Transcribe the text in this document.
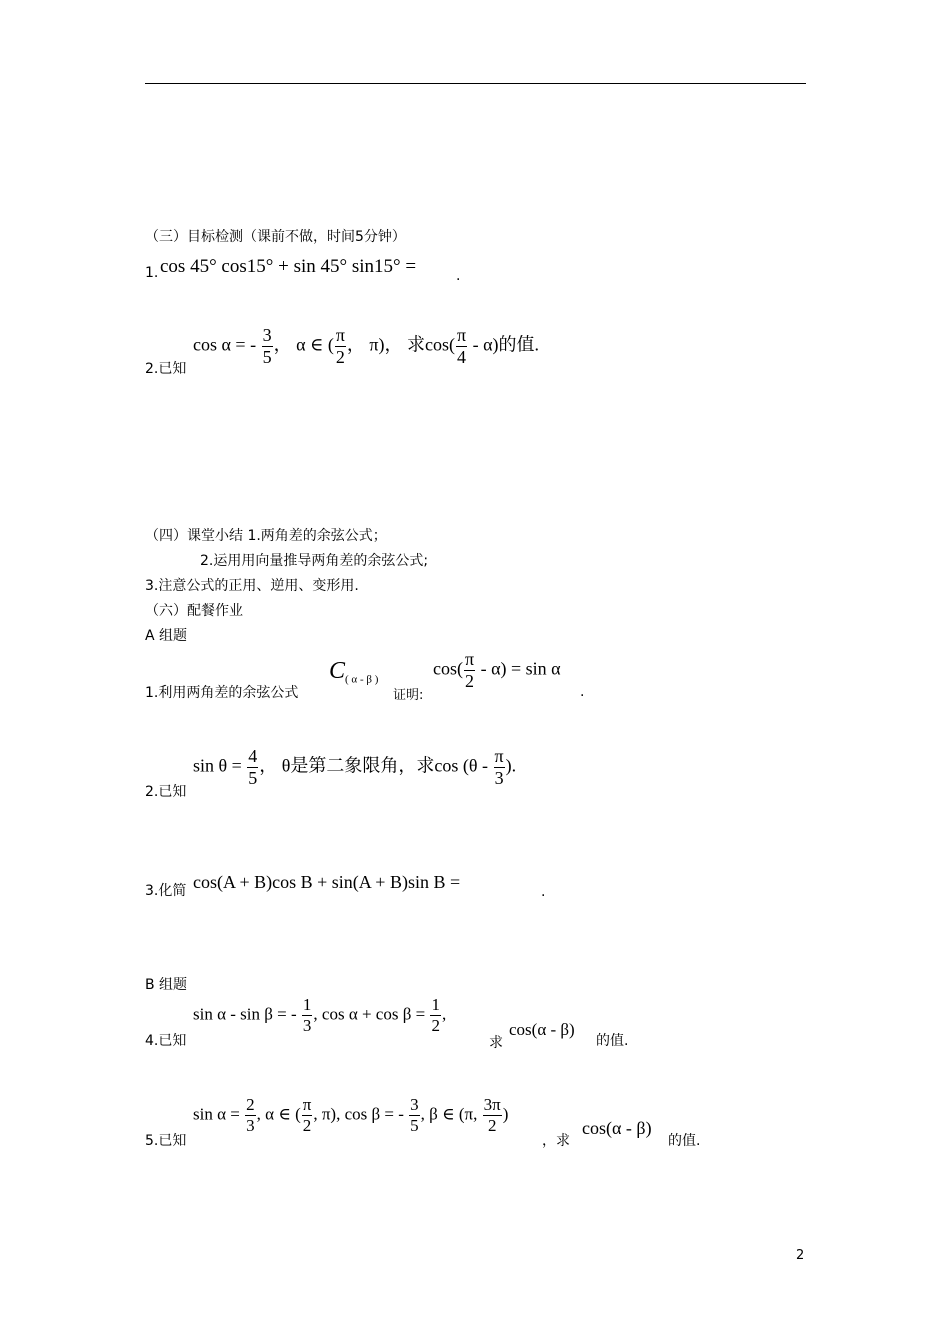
（三）目标检测（课前不做，时间5分钟）
1. cos 45° cos15° + sin 45° sin15° =	.
2.已知
cos α = - $\frac{3}{5}$ ， α ∈ ( $\frac{\pi}{2}$ ， π)， 求$\cos( \frac{\pi}{4} - \alpha)$的值.
（四）课堂小结 1.两角差的余弦公式；
2.运用用向量推导两角差的余弦公式;
3.注意公式的正用、逆用、变形用.
（六）配餐作业
A 组题
1.利用两角差的余弦公式
$C_{( \alpha - \beta )}$
证明:
$\cos( \frac{\pi}{2} - \alpha) = \sin \alpha$
.
2.已知
$\sin \theta = \frac{4}{5}$ ， θ是第二象限角，求$\cos (\theta - \frac{\pi}{3}$ ).
3.化简 cos(A + B)cos B + sin(A + B)sin B =	.
B 组题
4.已知
sin α - sin β = - $\frac{1}{3}$ , $\cos \alpha + \cos \beta = \frac{1}{2}$ ,
求
cos(α - β)
的值.
5.已知
$\sin \alpha = \frac{2}{3}$ , α ∈ ( $\frac{\pi}{2}$ , π), cos β = - $\frac{3}{5}$ , β ∈ (π, $\frac{3\pi}{2}$ )
，求
cos(α - β)
的值.
2
